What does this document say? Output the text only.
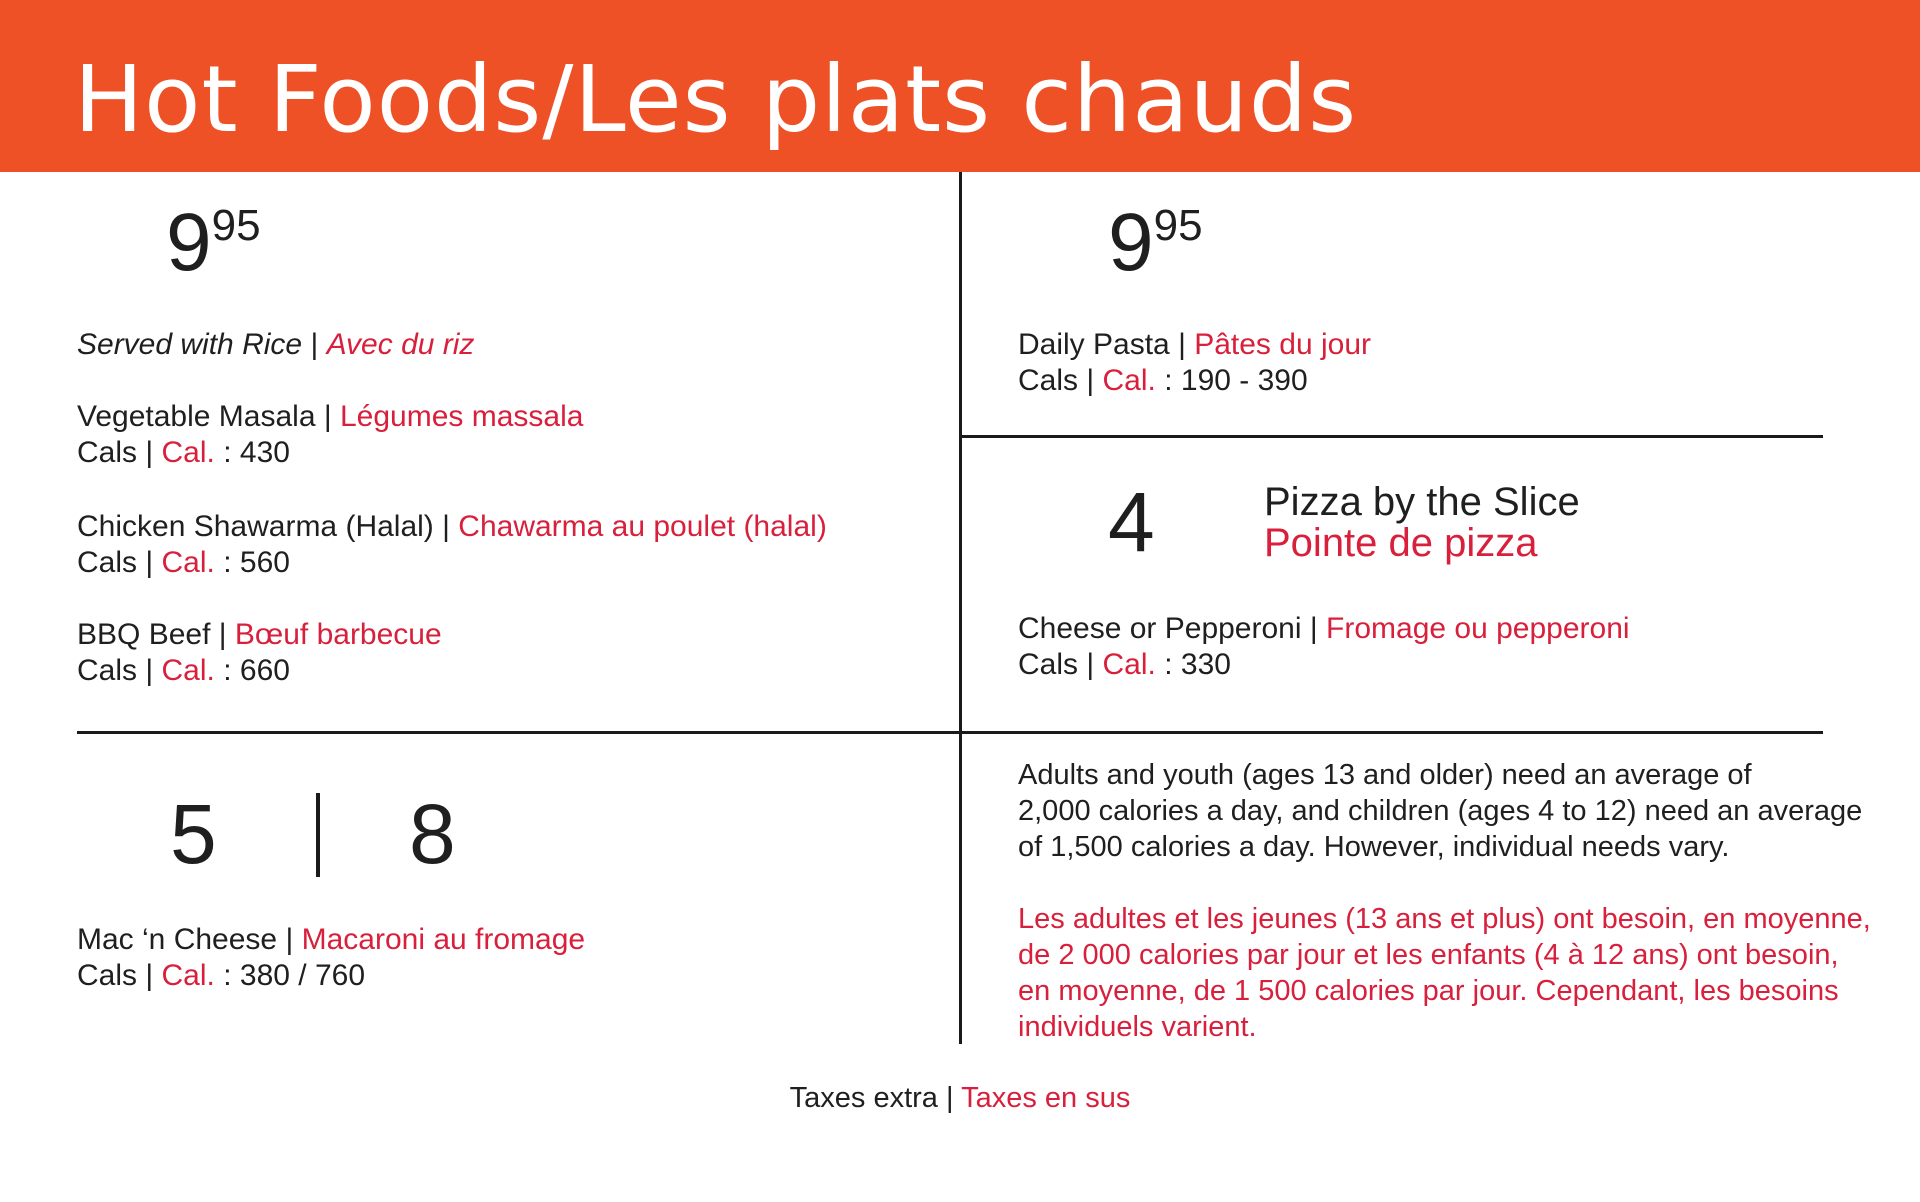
Hot Foods/Les plats chauds
$9^{95}$
Served with Rice | Avec du riz
Vegetable Masala | Légumes massala
Cals | Cal. : 430
Chicken Shawarma (Halal) | Chawarma au poulet (halal)
Cals | Cal. : 560
BBQ Beef | Bœuf barbecue
Cals | Cal. : 660
$9^{95}$
Daily Pasta | Pâtes du jour
Cals | Cal. : 190 - 390
4	Pizza by the Slice
Pointe de pizza
Cheese or Pepperoni | Fromage ou pepperoni
Cals | Cal. : 330
5 8
Mac ‘n Cheese | Macaroni au fromage
Cals | Cal. : 380 / 760
Adults and youth (ages 13 and older) need an average of
2,000 calories a day, and children (ages 4 to 12) need an average
of 1,500 calories a day. However, individual needs vary.
Les adultes et les jeunes (13 ans et plus) ont besoin, en moyenne,
de 2 000 calories par jour et les enfants (4 à 12 ans) ont besoin,
en moyenne, de 1 500 calories par jour. Cependant, les besoins
individuels varient.
Taxes extra | Taxes en sus
